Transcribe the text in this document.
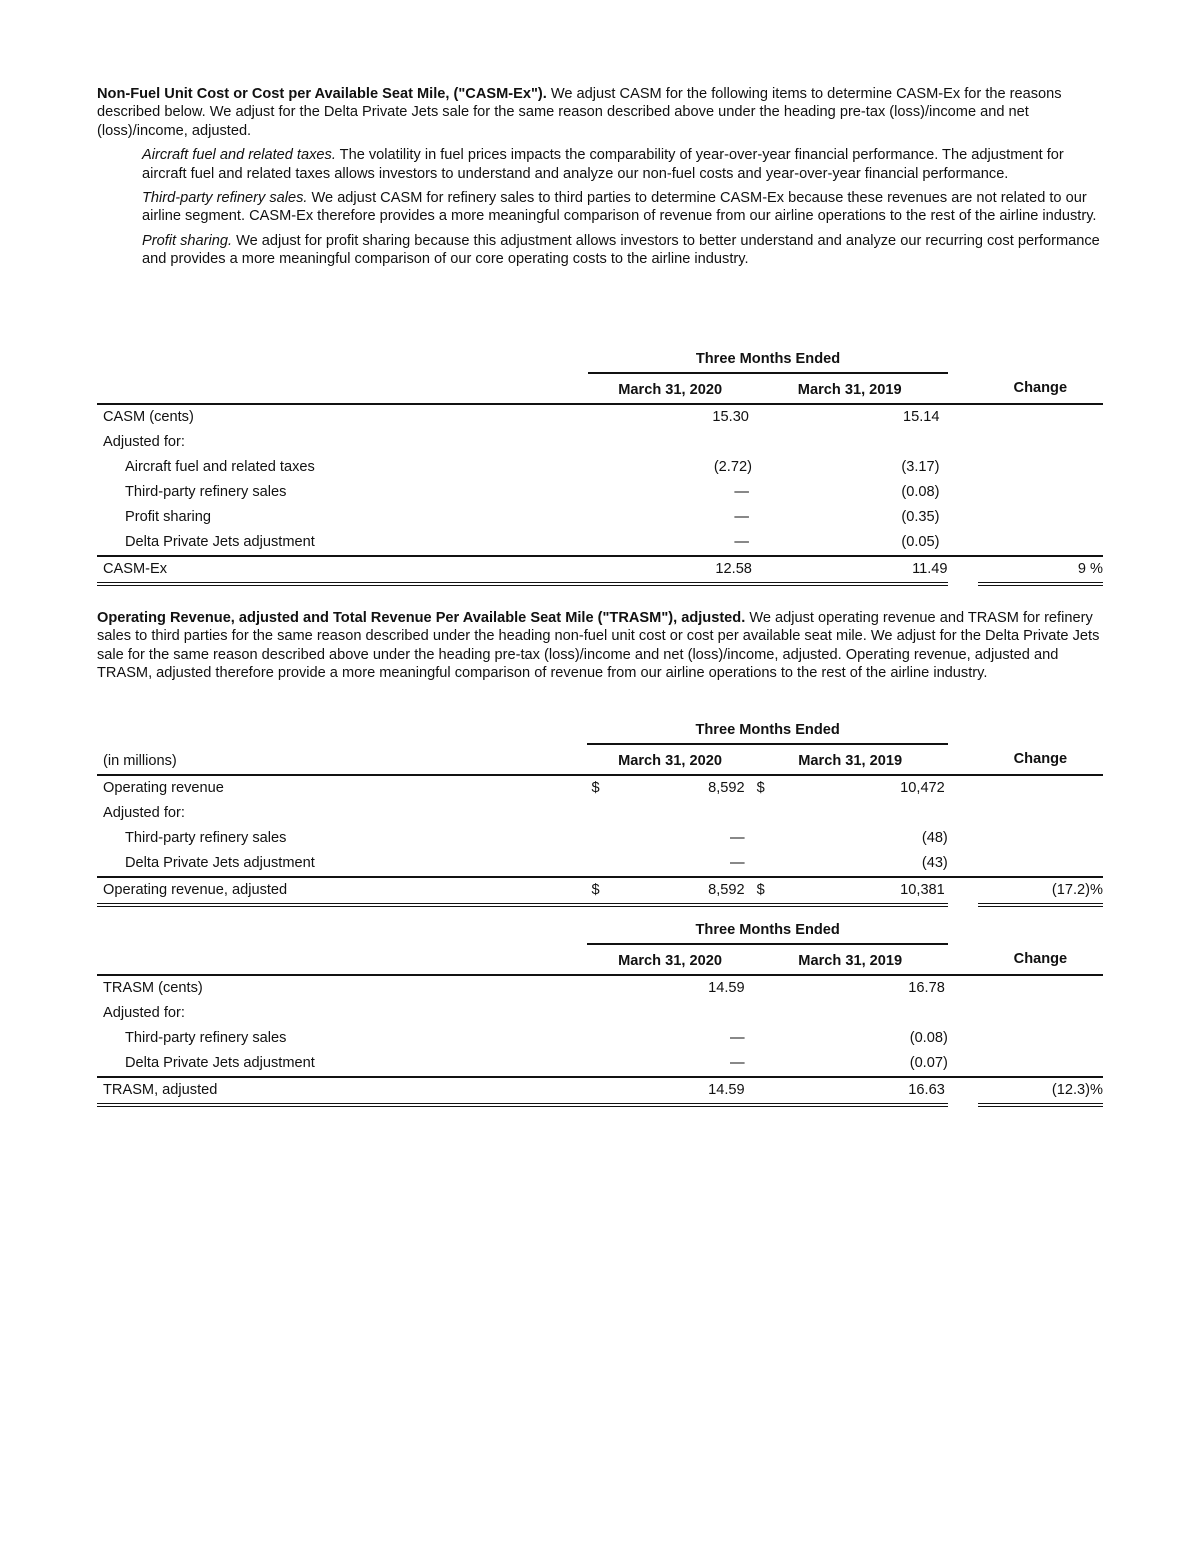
Non-Fuel Unit Cost or Cost per Available Seat Mile, ("CASM-Ex"). We adjust CASM for the following items to determine CASM-Ex for the reasons described below. We adjust for the Delta Private Jets sale for the same reason described above under the heading pre-tax (loss)/income and net (loss)/income, adjusted.

Aircraft fuel and related taxes. The volatility in fuel prices impacts the comparability of year-over-year financial performance. The adjustment for aircraft fuel and related taxes allows investors to understand and analyze our non-fuel costs and year-over-year financial performance.

Third-party refinery sales. We adjust CASM for refinery sales to third parties to determine CASM-Ex because these revenues are not related to our airline segment. CASM-Ex therefore provides a more meaningful comparison of revenue from our airline operations to the rest of the airline industry.

Profit sharing. We adjust for profit sharing because this adjustment allows investors to better understand and analyze our recurring cost performance and provides a more meaningful comparison of our core operating costs to the airline industry.

	Three Months Ended			
	March 31, 2020	March 31, 2019		Change
CASM (cents)	15.30	15.14		
Adjusted for:				
Aircraft fuel and related taxes	(2.72)	(3.17)		
Third-party refinery sales	—	(0.08)		
Profit sharing	—	(0.35)		
Delta Private Jets adjustment	—	(0.05)		
CASM-Ex	12.58	11.49		9 %

Operating Revenue, adjusted and Total Revenue Per Available Seat Mile ("TRASM"), adjusted. We adjust operating revenue and TRASM for refinery sales to third parties for the same reason described under the heading non-fuel unit cost or cost per available seat mile. We adjust for the Delta Private Jets sale for the same reason described above under the heading pre-tax (loss)/income and net (loss)/income, adjusted. Operating revenue, adjusted and TRASM, adjusted therefore provide a more meaningful comparison of revenue from our airline operations to the rest of the airline industry.

	Three Months Ended					
(in millions)	March 31, 2020		March 31, 2019			Change
Operating revenue	$	8,592	$	10,472		
Adjusted for:						
Third-party refinery sales		—		(48)		
Delta Private Jets adjustment		—		(43)		
Operating revenue, adjusted	$	8,592	$	10,381		(17.2)%
	Three Months Ended			
	March 31, 2020	March 31, 2019		Change
TRASM (cents)	14.59	16.78		
Adjusted for:				
Third-party refinery sales	—	(0.08)		
Delta Private Jets adjustment	—	(0.07)		
TRASM, adjusted	14.59	16.63		(12.3)%
